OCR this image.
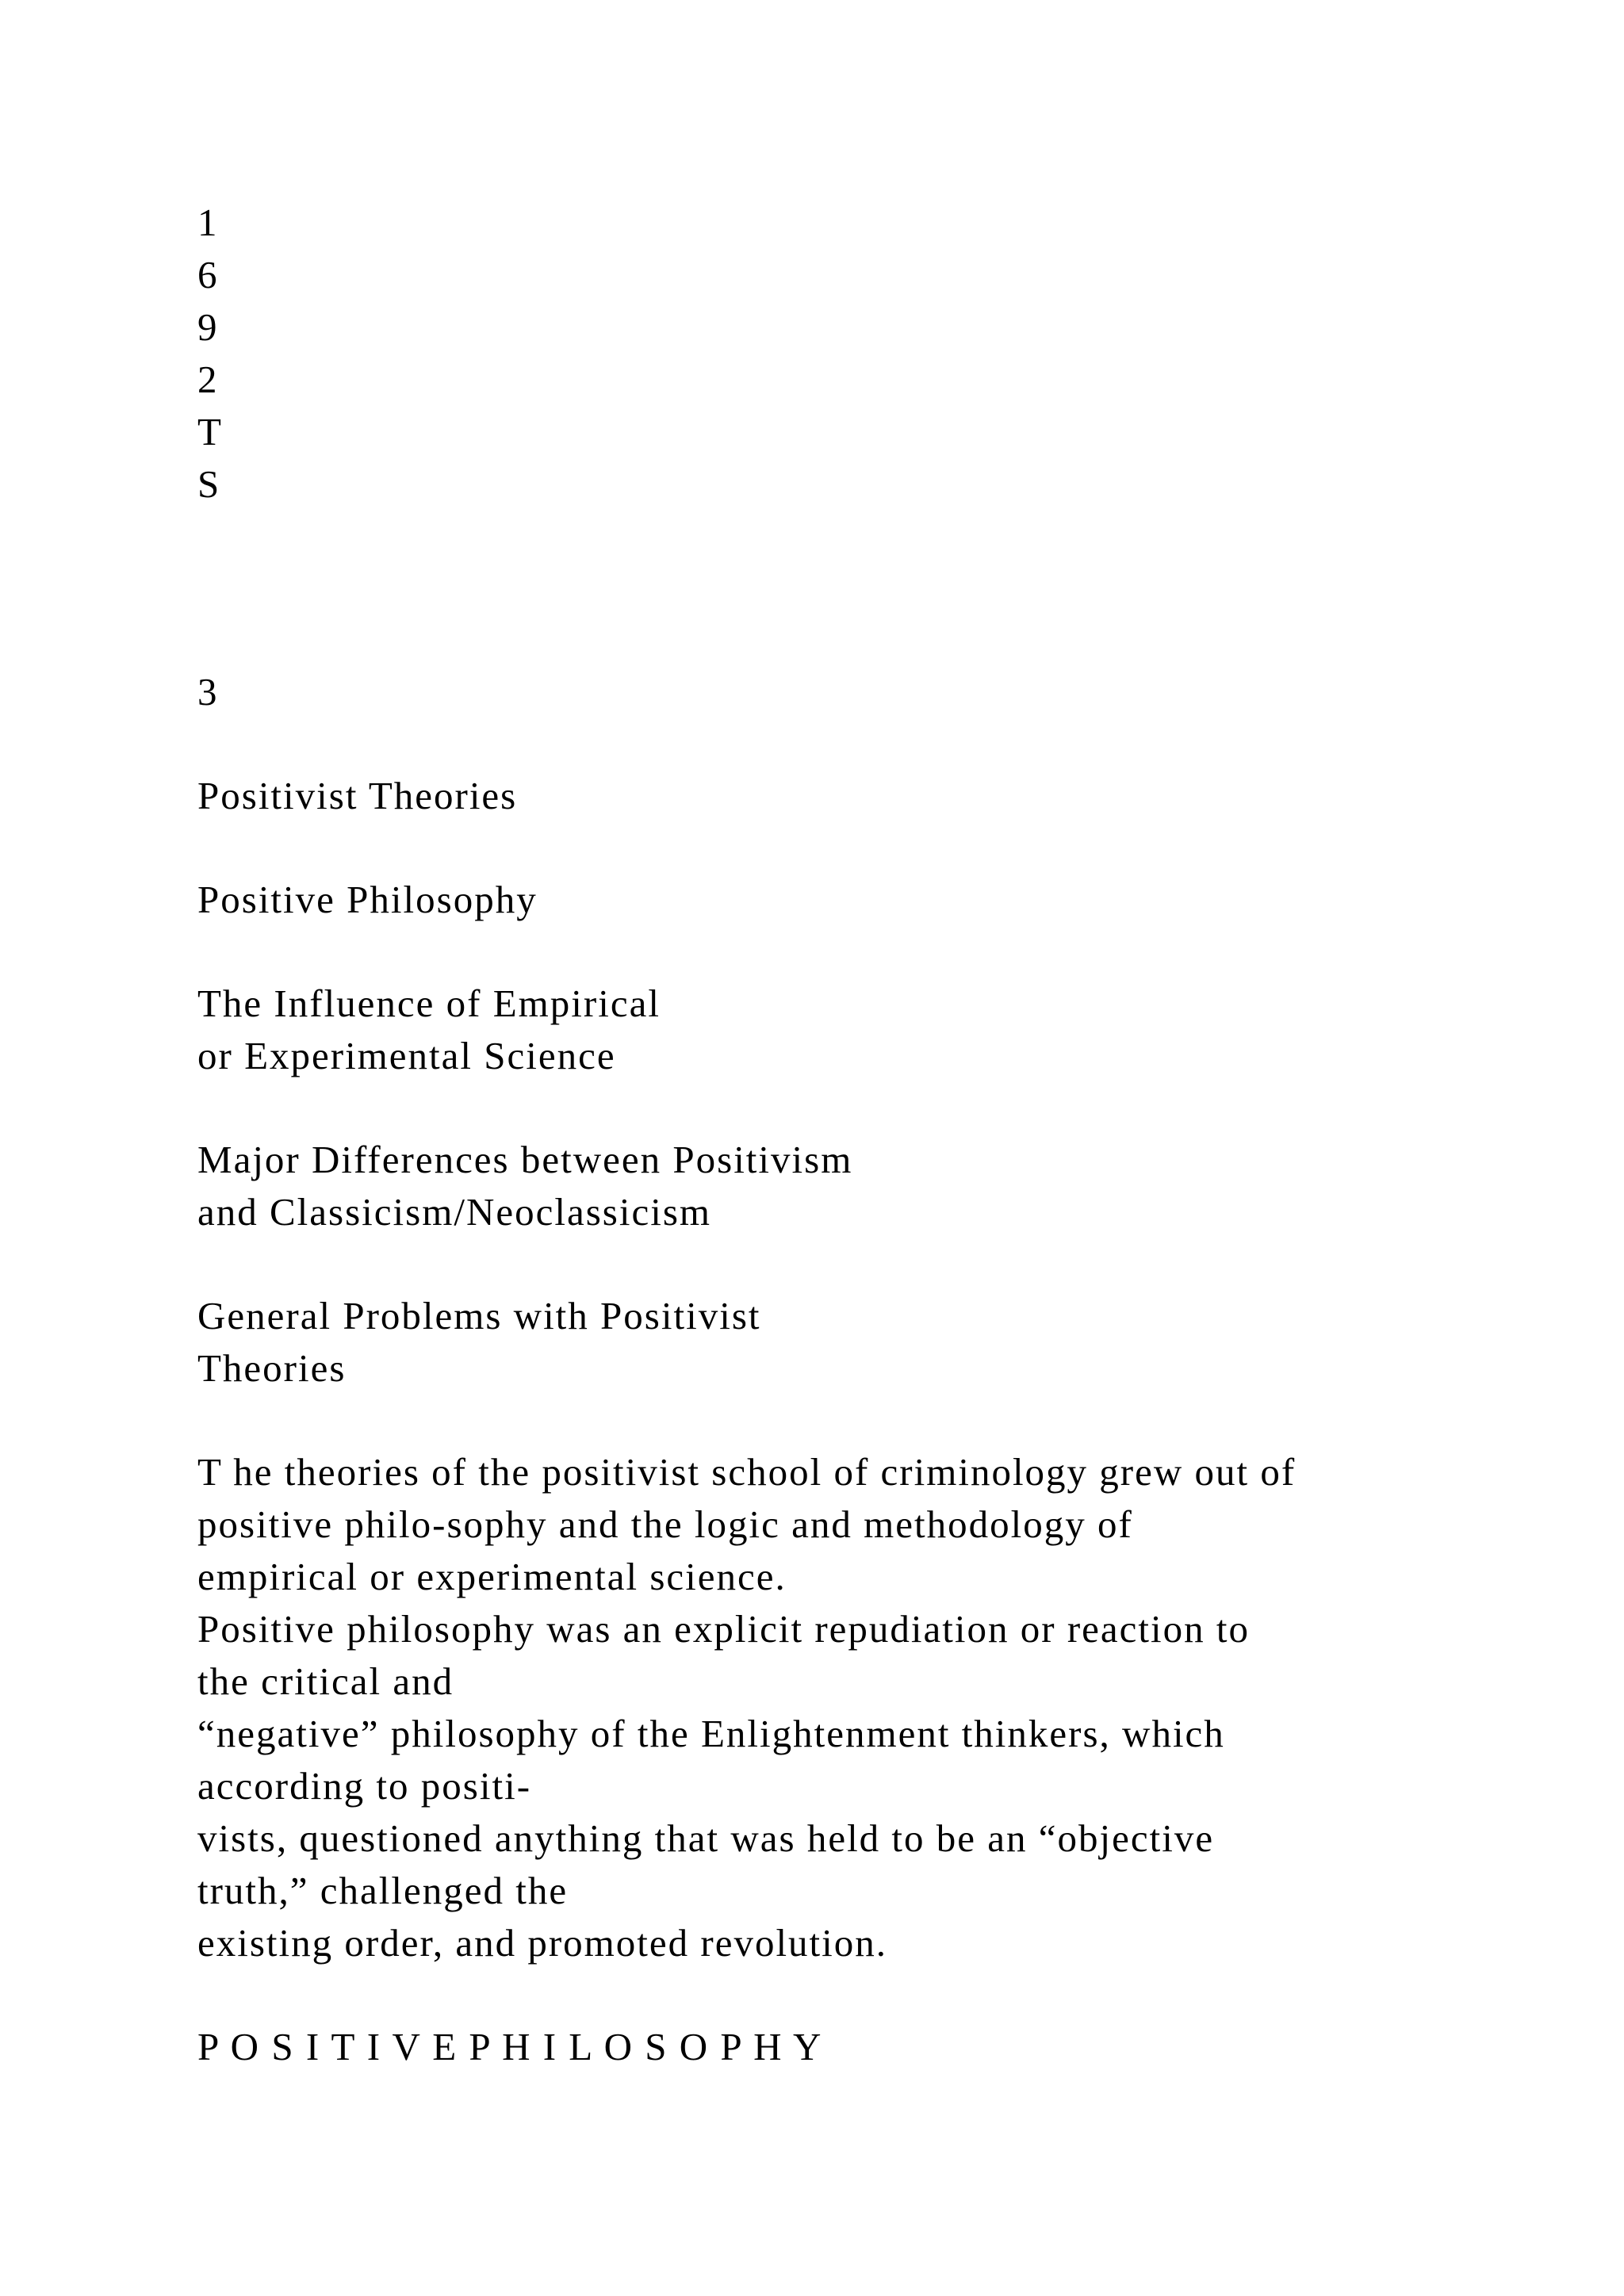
1
6
9
2
T
S
3
Positivist Theories
Positive Philosophy
The Influence of Empirical
or Experimental Science
Major Differences between Positivism
and Classicism/Neoclassicism
General Problems with Positivist
Theories
T he theories of the positivist school of criminology grew out of
positive philo-sophy and the logic and methodology of
empirical or experimental science.
Positive philosophy was an explicit repudiation or reaction to
the critical and
“negative” philosophy of the Enlightenment thinkers, which
according to positi-
vists, questioned anything that was held to be an “objective
truth,” challenged the
existing order, and promoted revolution.
P O S I T I V E P H I L O S O P H Y
